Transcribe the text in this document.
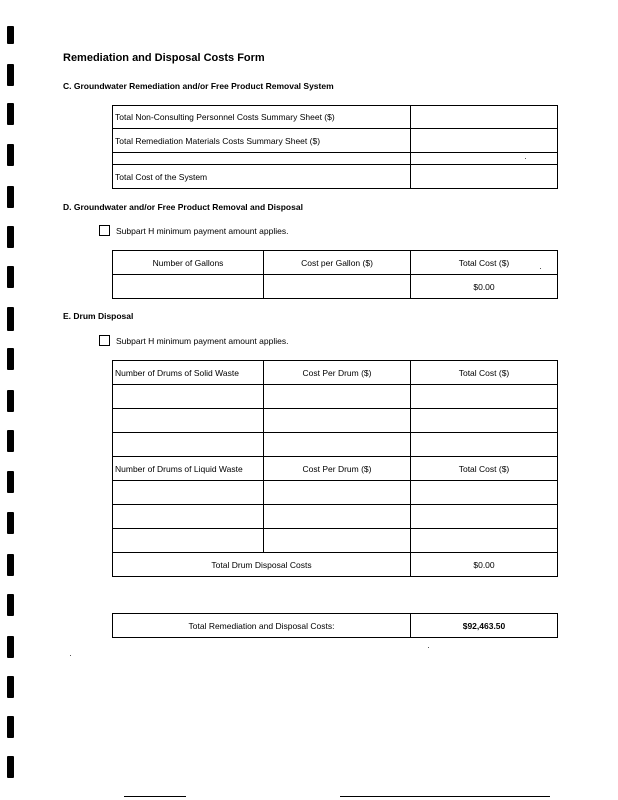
Remediation and Disposal Costs Form
C. Groundwater Remediation and/or Free Product Removal System
Total Non-Consulting Personnel Costs Summary Sheet ($)	
Total Remediation Materials Costs Summary Sheet ($)	

Total Cost of the System	
D. Groundwater and/or Free Product Removal and Disposal
Subpart H minimum payment amount applies.
Number of Gallons	Cost per Gallon ($)	Total Cost ($)
		$0.00
E. Drum Disposal
Subpart H minimum payment amount applies.
Number of Drums of Solid Waste	Cost Per Drum ($)	Total Cost ($)

Number of Drums of Liquid Waste	Cost Per Drum ($)	Total Cost ($)

Total Drum Disposal Costs		$0.00
Total Remediation and Disposal Costs:	$92,463.50
